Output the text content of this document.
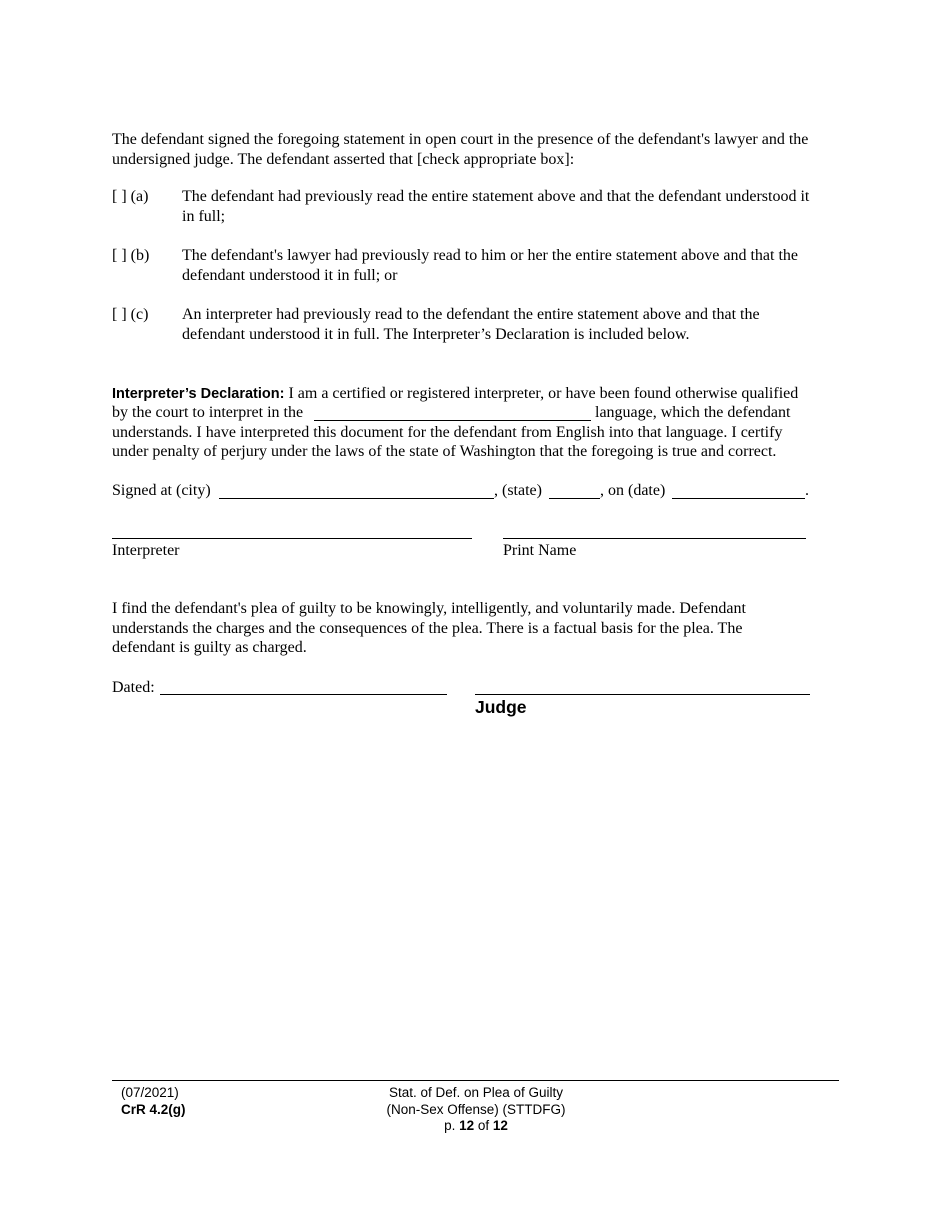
The defendant signed the foregoing statement in open court in the presence of the defendant's lawyer and the
undersigned judge. The defendant asserted that [check appropriate box]:
[ ] (a) The defendant had previously read the entire statement above and that the defendant understood it
in full;
[ ] (b) The defendant's lawyer had previously read to him or her the entire statement above and that the
defendant understood it in full; or
[ ] (c) An interpreter had previously read to the defendant the entire statement above and that the
defendant understood it in full. The Interpreter’s Declaration is included below.
Interpreter’s Declaration: I am a certified or registered interpreter, or have been found otherwise qualified
by the court to interpret in the	language, which the defendant
understands. I have interpreted this document for the defendant from English into that language. I certify
under penalty of perjury under the laws of the state of Washington that the foregoing is true and correct.
Signed at (city)	, (state)	, on (date)	.
Interpreter	Print Name
I find the defendant's plea of guilty to be knowingly, intelligently, and voluntarily made. Defendant
understands the charges and the consequences of the plea. There is a factual basis for the plea. The
defendant is guilty as charged.
Dated:
Judge
(07/2021)
CrR 4.2(g)
Stat. of Def. on Plea of Guilty
(Non-Sex Offense) (STTDFG)
p. 12 of 12
